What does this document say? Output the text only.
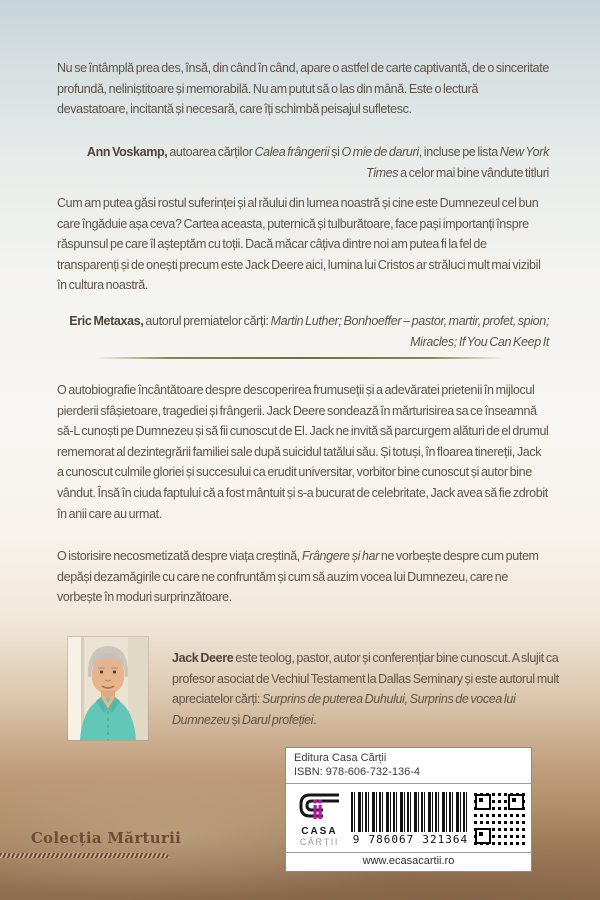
Nu se întâmplă prea des, însă, din când în când, apare o astfel de carte captivantă, de o sinceritate profundă, neliniștitoare și memorabilă. Nu am putut să o las din mână. Este o lectură devastatoare, incitantă și necesară, care îți schimbă peisajul sufletesc.
Ann Voskamp, autoarea cărților Calea frângerii și O mie de daruri, incluse pe lista New York Times a celor mai bine vândute titluri
Cum am putea găsi rostul suferinței și al răului din lumea noastră și cine este Dumnezeul cel bun care îngăduie așa ceva? Cartea aceasta, puternică și tulburătoare, face pași importanți înspre răspunsul pe care îl așteptăm cu toții. Dacă măcar câțiva dintre noi am putea fi la fel de transparenți și de onești precum este Jack Deere aici, lumina lui Cristos ar străluci mult mai vizibil în cultura noastră.
Eric Metaxas, autorul premiatelor cărți: Martin Luther; Bonhoeffer – pastor, martir, profet, spion; Miracles; If You Can Keep It
O autobiografie încântătoare despre descoperirea frumuseții și a adevăratei prietenii în mijlocul pierderii sfâșietoare, tragediei și frângerii. Jack Deere sondează în mărturisirea sa ce înseamnă să-L cunoști pe Dumnezeu și să fii cunoscut de El. Jack ne invită să parcurgem alături de el drumul rememorat al dezintegrării familiei sale după suicidul tatălui său. Și totuși, în floarea tinereții, Jack a cunoscut culmile gloriei și succesului ca erudit universitar, vorbitor bine cunoscut și autor bine vândut. Însă în ciuda faptului că a fost mântuit și s-a bucurat de celebritate, Jack avea să fie zdrobit în anii care au urmat.
O istorisire necosmetizată despre viața creștină, Frângere și har ne vorbește despre cum putem depăși dezamăgirile cu care ne confruntăm și cum să auzim vocea lui Dumnezeu, care ne vorbește în moduri surprinzătoare.
Jack Deere este teolog, pastor, autor și conferențiar bine cunoscut. A slujit ca profesor asociat de Vechiul Testament la Dallas Seminary și este autorul mult apreciatelor cărți: Surprins de puterea Duhului, Surprins de vocea lui Dumnezeu și Darul profeției.
Editura Casa Cărții
ISBN: 978-606-732-136-4
CASA
CĂRȚII	9 786067 321364
www.ecasacartii.ro
Colecția Mărturii
